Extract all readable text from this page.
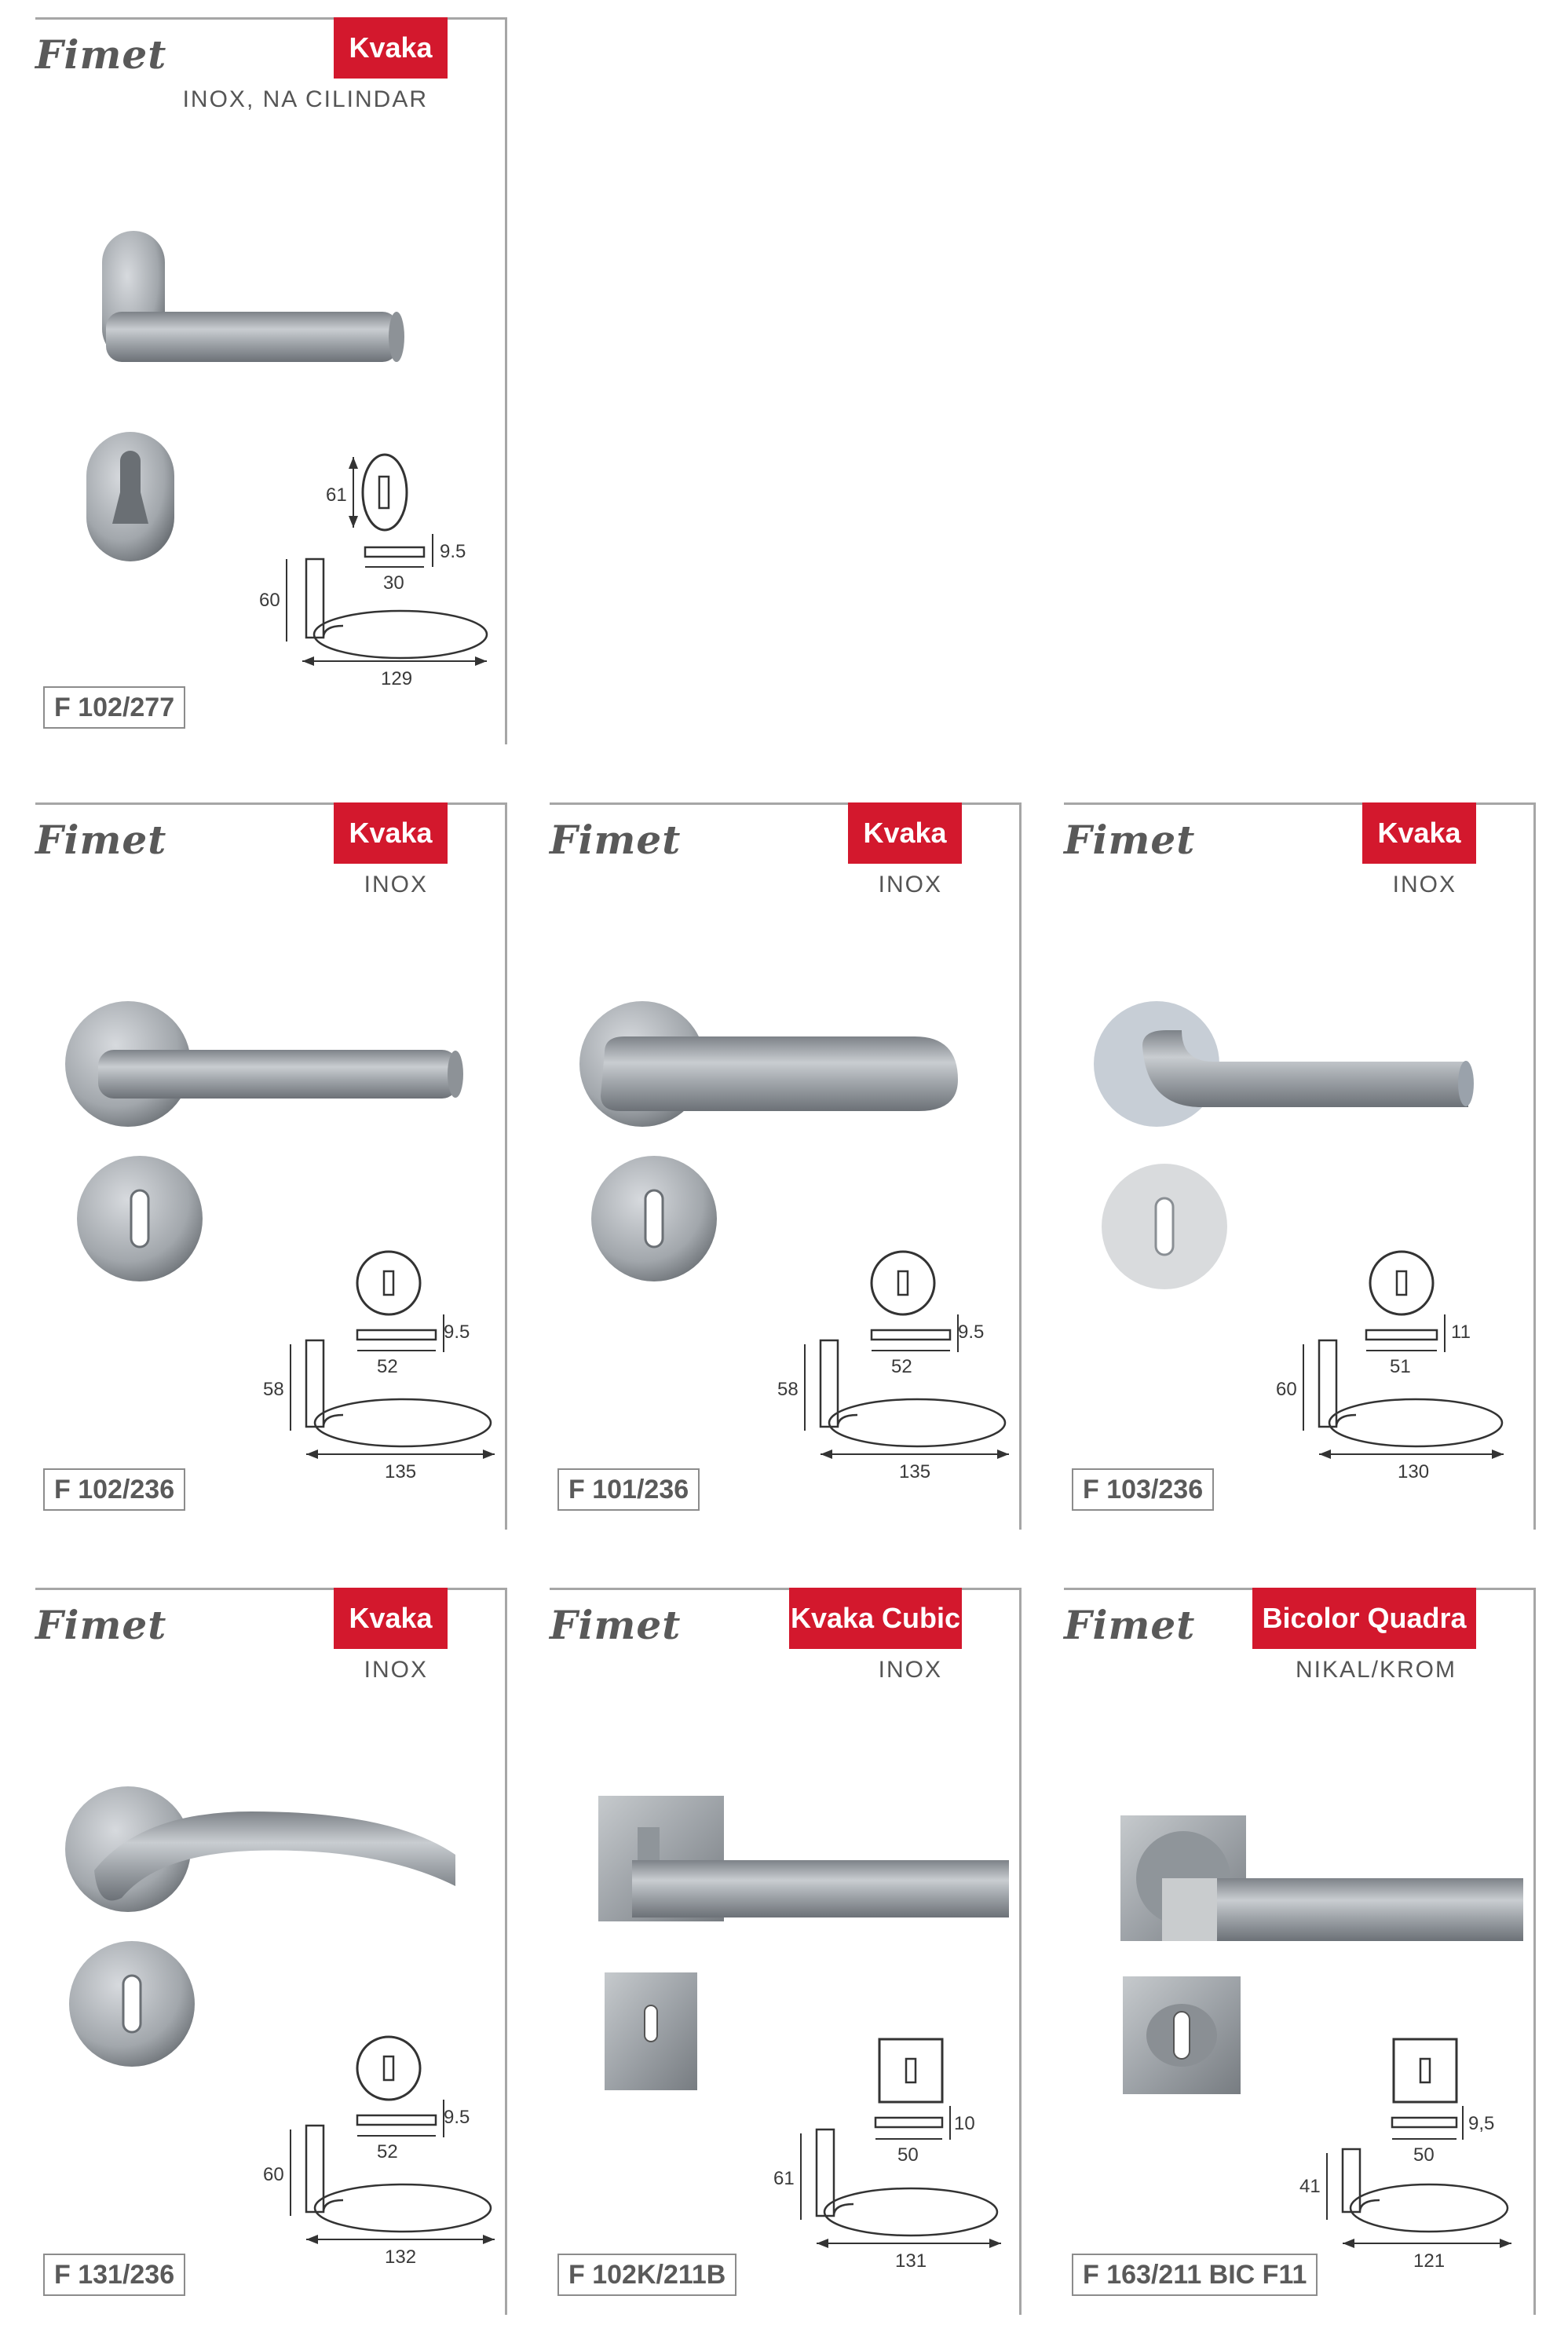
Fimet	Kvaka
INOX, NA CILINDAR
61
30
9.5
60
129
F 102/277
Fimet	Kvaka
INOX
52
9.5
58
135
F 102/236
Fimet	Kvaka
INOX
52
9.5
58
135
F 101/236
Fimet	Kvaka
INOX
51
11
60
130
F 103/236
Fimet	Kvaka
INOX
52
9.5
60
132
F 131/236
Fimet	Kvaka Cubic
INOX
50
10
61
131
F 102K/211B
Fimet	Bicolor Quadra
NIKAL/KROM
50
9,5
41
121
F 163/211 BIC F11
